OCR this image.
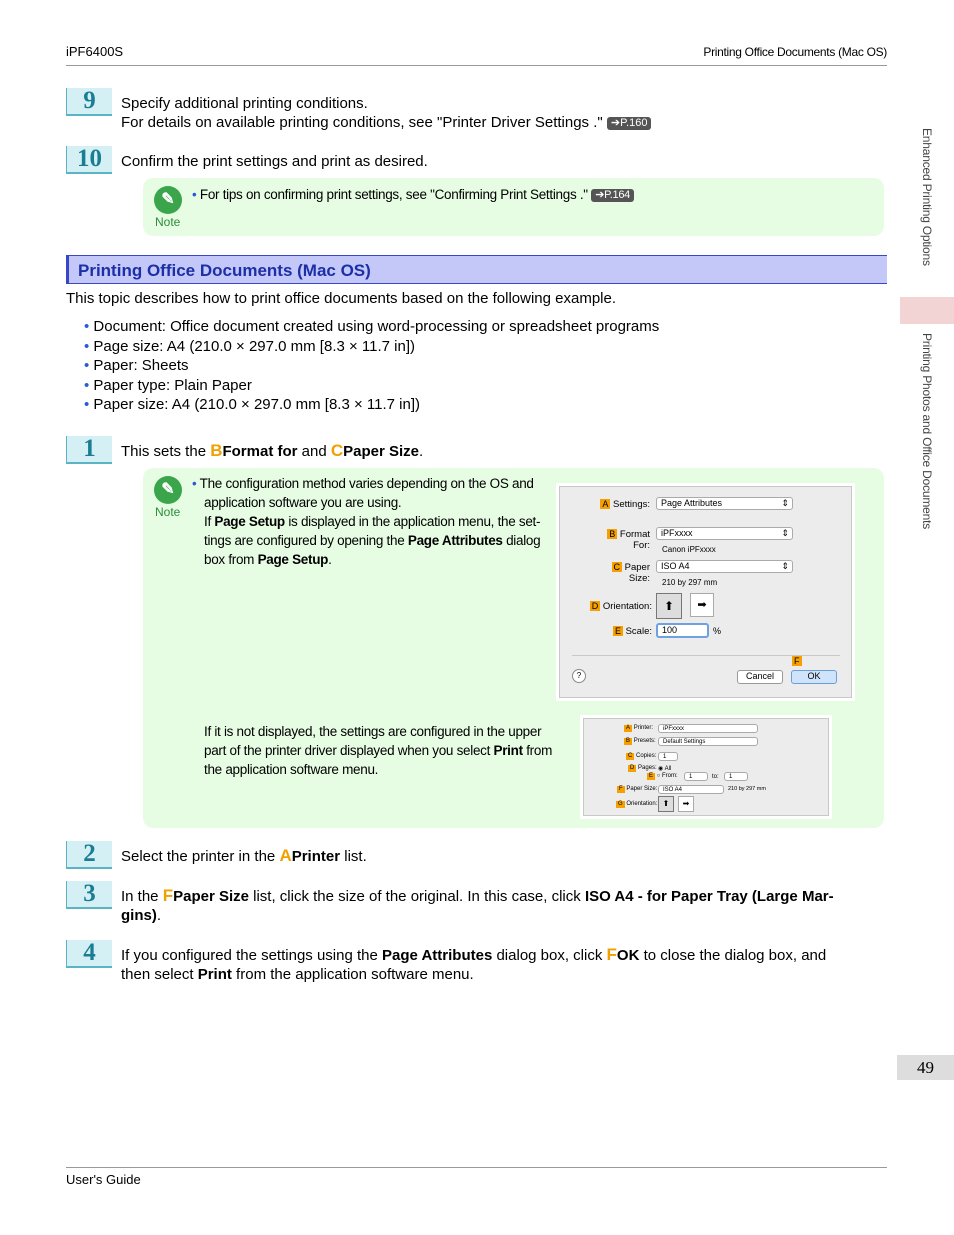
iPF6400S	Printing Office Documents (Mac OS)
Enhanced Printing Options
Printing Photos and Office Documents
9	Specify additional printing conditions.
For details on available printing conditions, see "Printer Driver Settings ." ➔P.160
10	Confirm the print settings and print as desired.
✎
Note
• For tips on confirming print settings, see "Confirming Print Settings ." ➔P.164
Printing Office Documents (Mac OS)
This topic describes how to print office documents based on the following example.
• Document: Office document created using word-processing or spreadsheet programs
• Page size: A4 (210.0 × 297.0 mm [8.3 × 11.7 in])
• Paper: Sheets
• Paper type: Plain Paper
• Paper size: A4 (210.0 × 297.0 mm [8.3 × 11.7 in])
1	This sets the BFormat for and CPaper Size.
✎
Note
• The configuration method varies depending on the OS and
application software you are using.
If Page Setup is displayed in the application menu, the set-
tings are configured by opening the Page Attributes dialog
box from Page Setup.
If it is not displayed, the settings are configured in the upper
part of the printer driver displayed when you select Print from
the application software menu.
A Settings:	Page Attributes	⇕
B Format For:
iPFxxxx	⇕
Canon iPFxxxx
C Paper Size:
ISO A4	⇕
210 by 297 mm
D Orientation: ⬆	➡
E Scale:	100	%
?	Cancel
F
OK
A Printer:	iPFxxxx
B Presets:	Default Settings
C Copies:	1
D Pages: ◉ All
E ○ From:	1	to:	1
F Paper Size: ISO A4	210 by 297 mm
G Orientation: ⬆	➡
2	Select the printer in the APrinter list.
3	In the FPaper Size list, click the size of the original. In this case, click ISO A4 - for Paper Tray (Large Mar-
gins).
4	If you configured the settings using the Page Attributes dialog box, click FOK to close the dialog box, and
then select Print from the application software menu.
49
User's Guide
